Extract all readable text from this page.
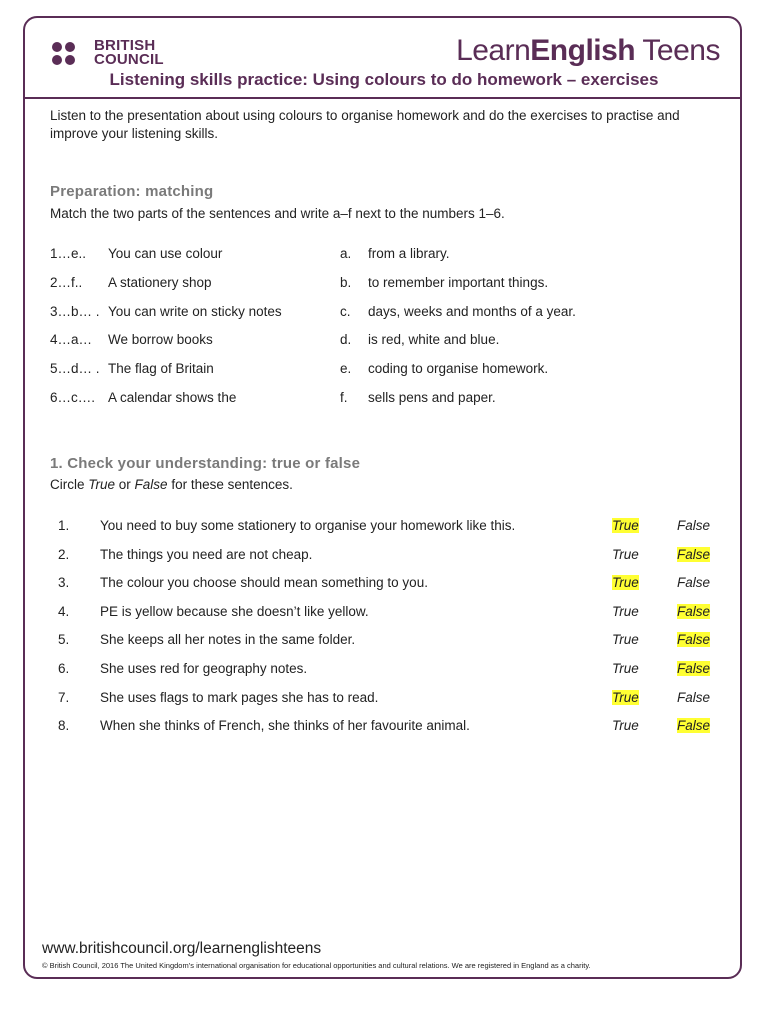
BRITISH
COUNCIL	LearnEnglish Teens
Listening skills practice: Using colours to do homework – exercises
Listen to the presentation about using colours to organise homework and do the exercises to practise and improve your listening skills.
Preparation: matching
Match the two parts of the sentences and write a–f next to the numbers 1–6.
1…e.. You can use colour	a. from a library.
2…f.. A stationery shop	b. to remember important things.
3…b… . You can write on sticky notes	c. days, weeks and months of a year.
4…a… We borrow books	d. is red, white and blue.
5…d… . The flag of Britain	e. coding to organise homework.
6…c…. A calendar shows the	f. sells pens and paper.
1. Check your understanding: true or false
Circle True or False for these sentences.
1. You need to buy some stationery to organise your homework like this.	True	False
2. The things you need are not cheap.	True	False
3. The colour you choose should mean something to you.	True	False
4. PE is yellow because she doesn’t like yellow.	True	False
5. She keeps all her notes in the same folder.	True	False
6. She uses red for geography notes.	True	False
7. She uses flags to mark pages she has to read.	True	False
8. When she thinks of French, she thinks of her favourite animal.	True	False
www.britishcouncil.org/learnenglishteens
© British Council, 2016 The United Kingdom’s international organisation for educational opportunities and cultural relations. We are registered in England as a charity.
